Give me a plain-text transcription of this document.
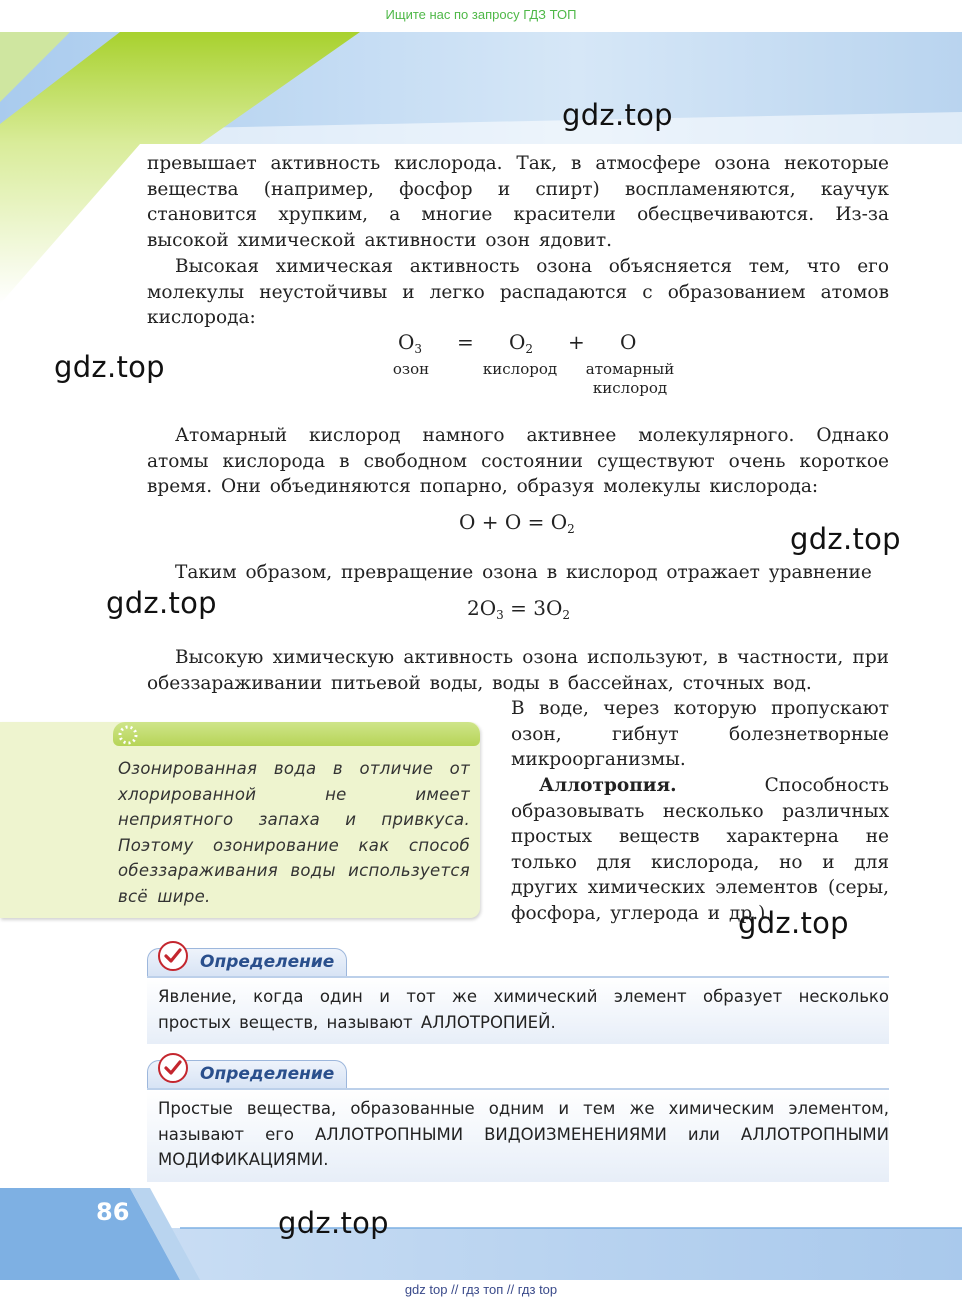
Ищите нас по запросу ГДЗ ТОП
gdz.top
gdz.top
gdz.top
gdz.top
gdz.top
gdz.top
превышает активность кислорода. Так, в атмосфере озона некоторые вещества (например, фосфор и спирт) воспламеняются, каучук становится хрупким, а многие красители обесцвечиваются. Из-за высокой химической активности озон ядовит.
Высокая химическая активность озона объясняется тем, что его молекулы неустойчивы и легко распадаются с образованием атомов кислорода:
$O_3 = O_2 + O$
озон	кислород	атомарный
кислород
Атомарный кислород намного активнее молекулярного. Однако атомы кислорода в свободном состоянии существуют очень короткое время. Они объединяются попарно, образуя молекулы кислорода:
$O + O = O_2$
Таким образом, превращение озона в кислород отражает уравнение
$2O_3 = 3O_2$
Высокую химическую активность озона используют, в частности, при обеззараживании питьевой воды, воды в бассейнах, сточных вод.
Озонированная вода в отличие от хлорированной не имеет неприятного запаха и привкуса. Поэтому озонирование как способ обеззараживания воды используется всё шире.
В воде, через которую пропускают озон, гибнут болезнетворные микроорганизмы.
Аллотропия. Способность образовывать несколько различных простых веществ характерна не только для кислорода, но и для других химических элементов (серы, фосфора, углерода и др.).
Определение
Явление, когда один и тот же химический элемент образует несколько простых веществ, называют АЛЛОТРОПИЕЙ.
Определение
Простые вещества, образованные одним и тем же химическим элементом, называют его АЛЛОТРОПНЫМИ ВИДОИЗМЕНЕНИЯМИ или АЛЛОТРОПНЫМИ МОДИФИКАЦИЯМИ.
86
gdz top // гдз топ // гдз top
